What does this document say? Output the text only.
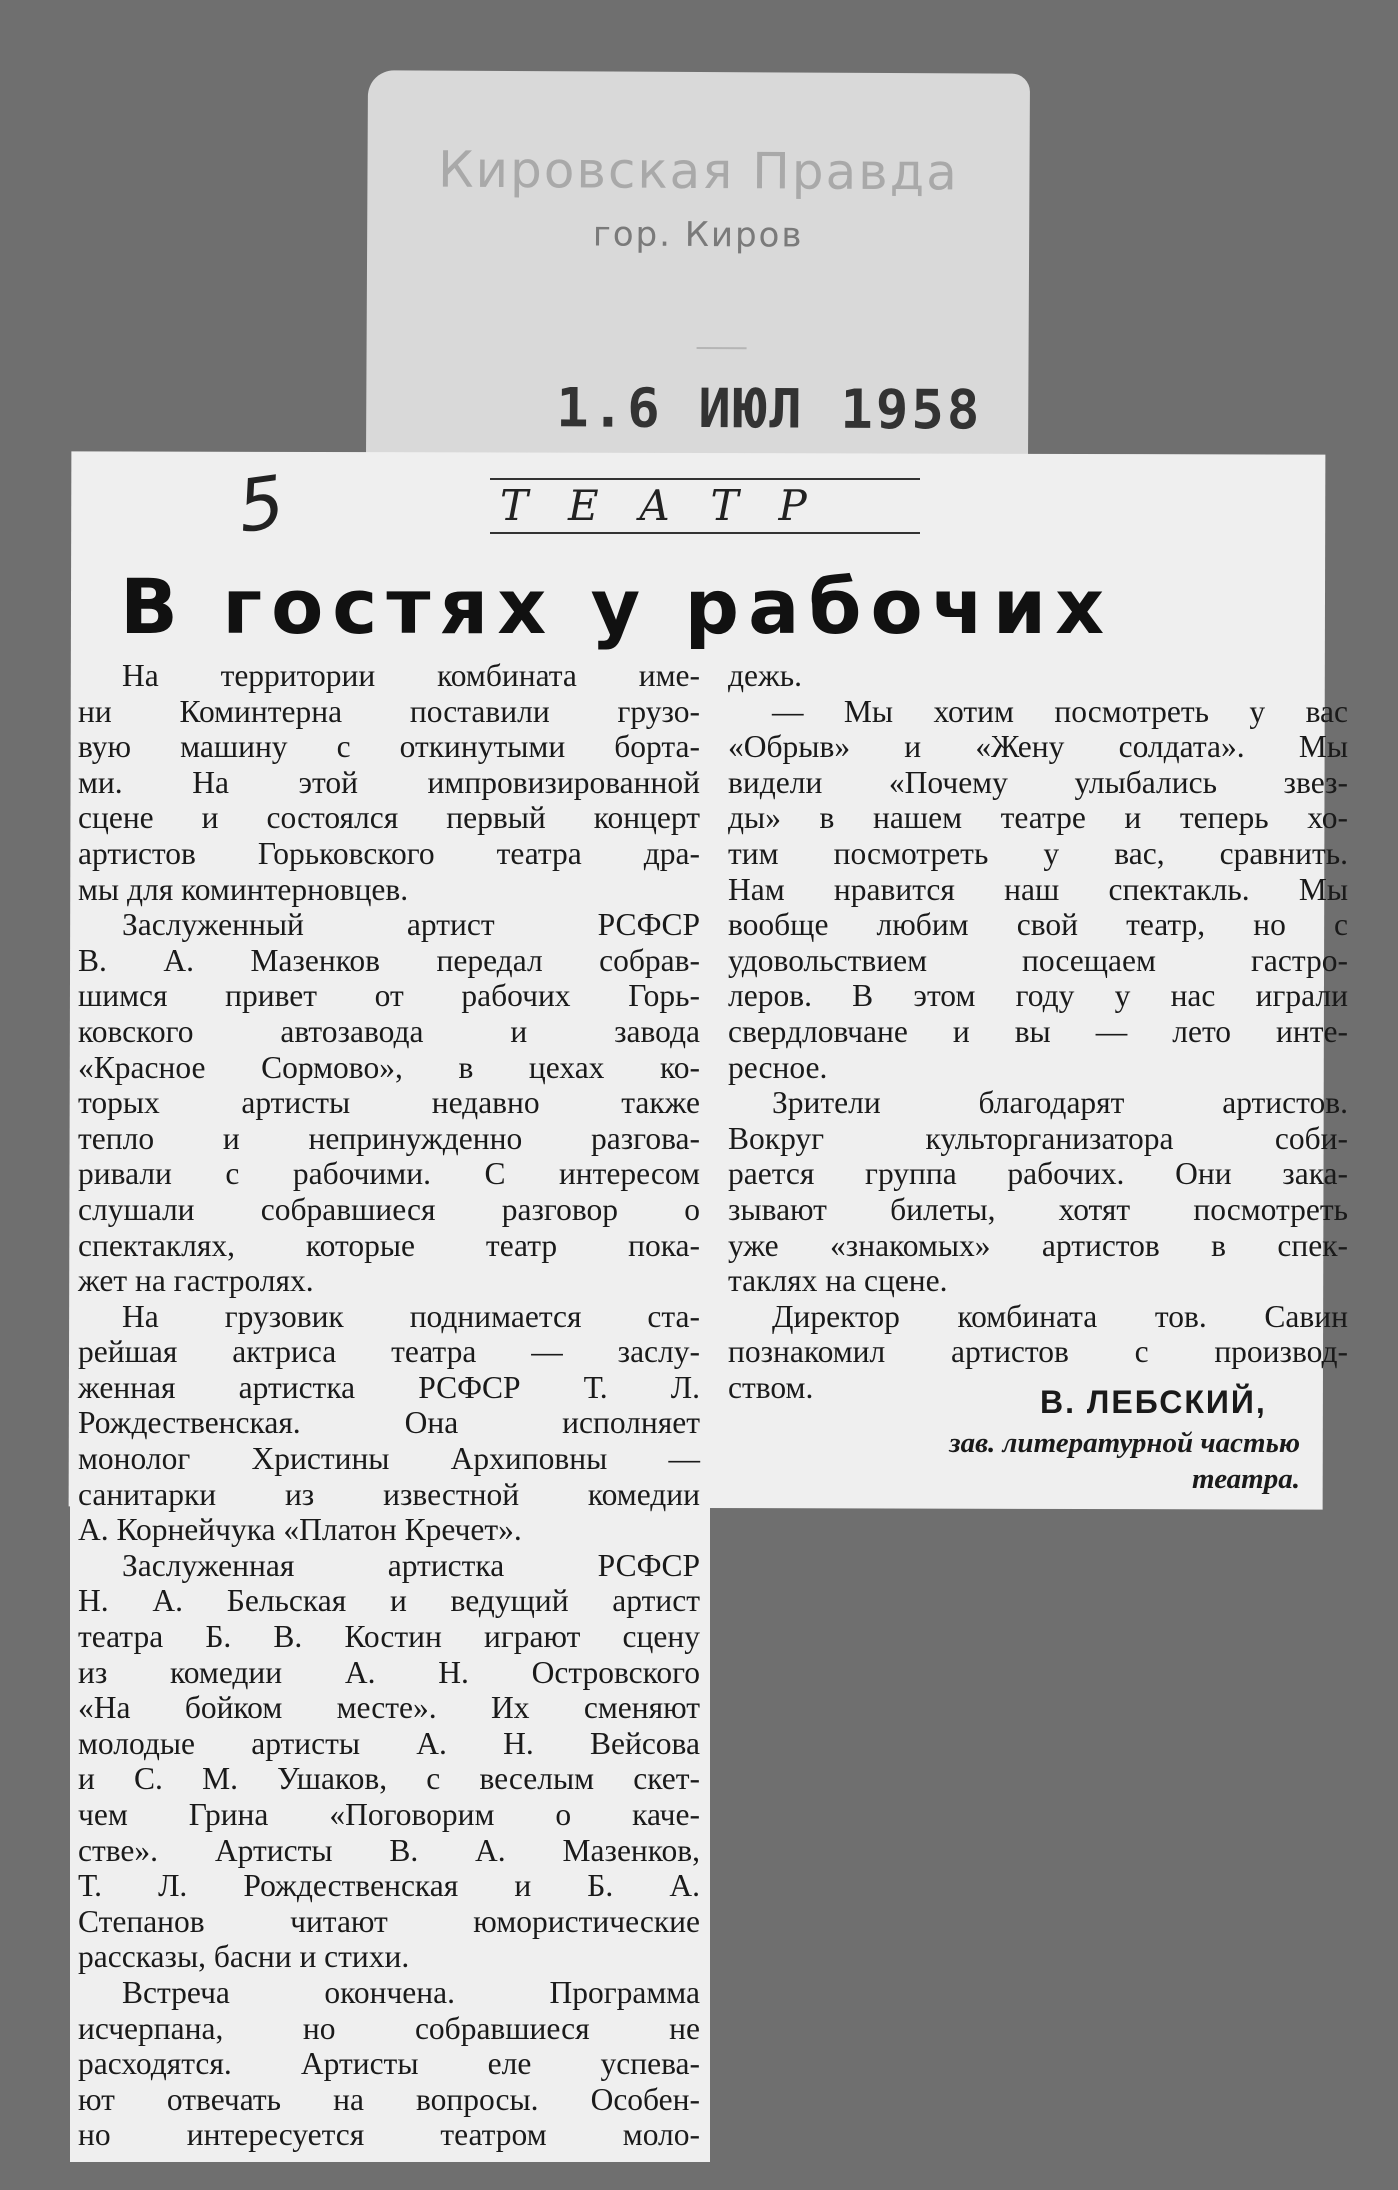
Кировская Правда
гор. Киров
1.6 ИЮЛ 1958
5	ТЕАТР
В гостях у рабочих
На территории комбината име-
ни Коминтерна поставили грузо-
вую машину с откинутыми борта-
ми. На этой импровизированной
сцене и состоялся первый концерт
артистов Горьковского театра дра-
мы для коминтерновцев.
Заслуженный артист РСФСР
В. А. Мазенков передал собрав-
шимся привет от рабочих Горь-
ковского автозавода и завода
«Красное Сормово», в цехах ко-
торых артисты недавно также
тепло и непринужденно разгова-
ривали с рабочими. С интересом
слушали собравшиеся разговор о
спектаклях, которые театр пока-
жет на гастролях.
На грузовик поднимается ста-
рейшая актриса театра — заслу-
женная артистка РСФСР Т. Л.
Рождественская. Она исполняет
монолог Христины Архиповны —
санитарки из известной комедии
А. Корнейчука «Платон Кречет».
Заслуженная артистка РСФСР
Н. А. Бельская и ведущий артист
театра Б. В. Костин играют сцену
из комедии А. Н. Островского
«На бойком месте». Их сменяют
молодые артисты А. Н. Вейсова
и С. М. Ушаков, с веселым скет-
чем Грина «Поговорим о каче-
стве». Артисты В. А. Мазенков,
Т. Л. Рождественская и Б. А.
Степанов читают юмористические
рассказы, басни и стихи.
Встреча окончена. Программа
исчерпана, но собравшиеся не
расходятся. Артисты еле успева-
ют отвечать на вопросы. Особен-
но интересуется театром моло-
дежь.
— Мы хотим посмотреть у вас
«Обрыв» и «Жену солдата». Мы
видели «Почему улыбались звез-
ды» в нашем театре и теперь хо-
тим посмотреть у вас, сравнить.
Нам нравится наш спектакль. Мы
вообще любим свой театр, но с
удовольствием посещаем гастро-
леров. В этом году у нас играли
свердловчане и вы — лето инте-
ресное.
Зрители благодарят артистов.
Вокруг культорганизатора соби-
рается группа рабочих. Они зака-
зывают билеты, хотят посмотреть
уже «знакомых» артистов в спек-
таклях на сцене.
Директор комбината тов. Савин
познакомил артистов с производ-
ством.	В. ЛЕБСКИЙ,
зав. литературной частью
театра.
